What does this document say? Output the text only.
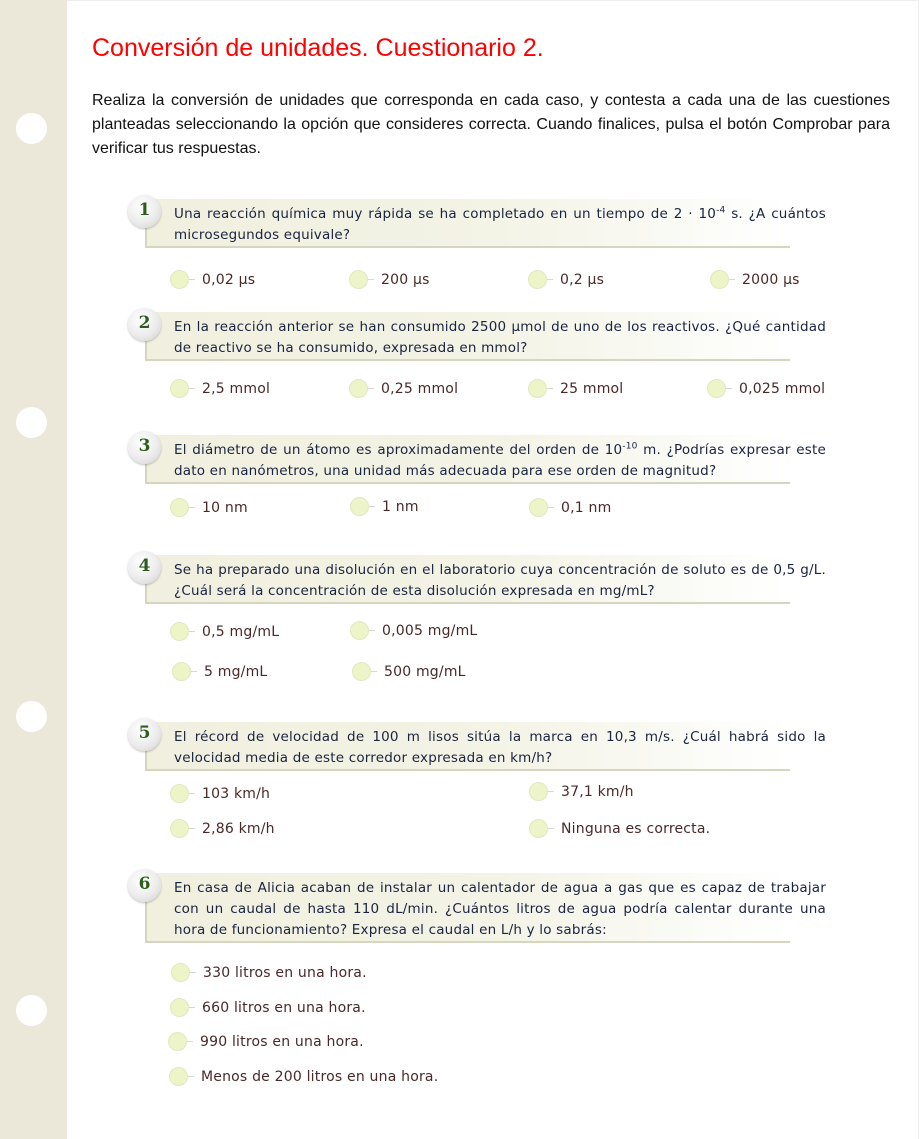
Conversión de unidades. Cuestionario 2.

Realiza la conversión de unidades que corresponda en cada caso, y contesta a cada una de las cuestiones planteadas seleccionando la opción que consideres correcta. Cuando finalices, pulsa el botón Comprobar para verificar tus respuestas.

1	Una reacción química muy rápida se ha completado en un tiempo de $2 \cdot 10^{-4}$ s. ¿A cuántos microsegundos equivale?

0,02 μs	200 μs	0,2 μs	2000 μs
2	En la reacción anterior se han consumido 2500 μmol de uno de los reactivos. ¿Qué cantidad de reactivo se ha consumido, expresada en mmol?

2,5 mmol	0,25 mmol	25 mmol	0,025 mmol
3	El diámetro de un átomo es aproximadamente del orden de $10^{-10}$ m. ¿Podrías expresar este dato en nanómetros, una unidad más adecuada para ese orden de magnitud?

10 nm	1 nm	0,1 nm
4	Se ha preparado una disolución en el laboratorio cuya concentración de soluto es de 0,5 g/L. ¿Cuál será la concentración de esta disolución expresada en mg/mL?

0,5 mg/mL	0,005 mg/mL
5 mg/mL	500 mg/mL
5	El récord de velocidad de 100 m lisos sitúa la marca en 10,3 m/s. ¿Cuál habrá sido la velocidad media de este corredor expresada en km/h?

103 km/h	37,1 km/h
2,86 km/h	Ninguna es correcta.
6	En casa de Alicia acaban de instalar un calentador de agua a gas que es capaz de trabajar con un caudal de hasta 110 dL/min. ¿Cuántos litros de agua podría calentar durante una hora de funcionamiento? Expresa el caudal en L/h y lo sabrás:

330 litros en una hora.
660 litros en una hora.
990 litros en una hora.
Menos de 200 litros en una hora.
